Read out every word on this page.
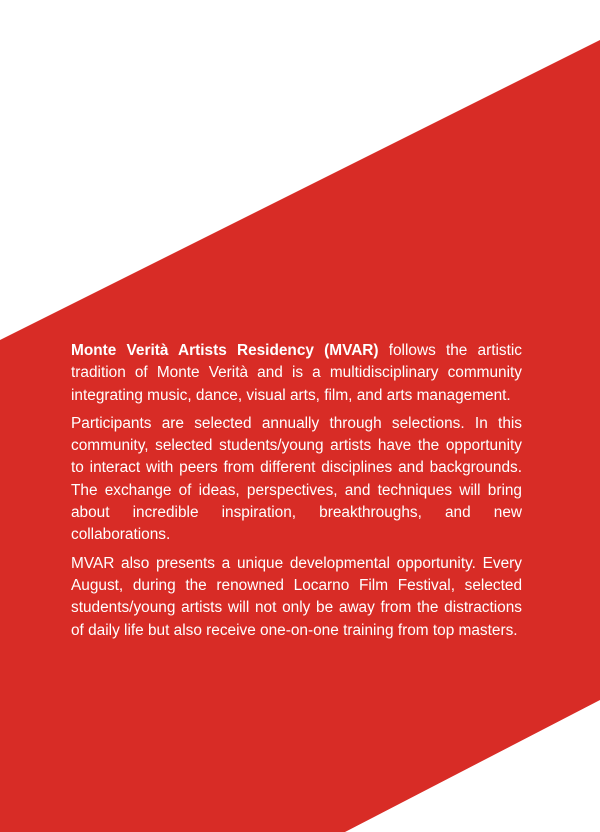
Monte Verità Artists Residency (MVAR) follows the artistic tradition of Monte Verità and is a multidisciplinary community integrating music, dance, visual arts, film, and arts management.

Participants are selected annually through selections. In this community, selected students/young artists have the opportunity to interact with peers from different disciplines and backgrounds. The exchange of ideas, perspectives, and techniques will bring about incredible inspiration, breakthroughs, and new collaborations.

MVAR also presents a unique developmental opportunity. Every August, during the renowned Locarno Film Festival, selected students/young artists will not only be away from the distractions of daily life but also receive one-on-one training from top masters.
